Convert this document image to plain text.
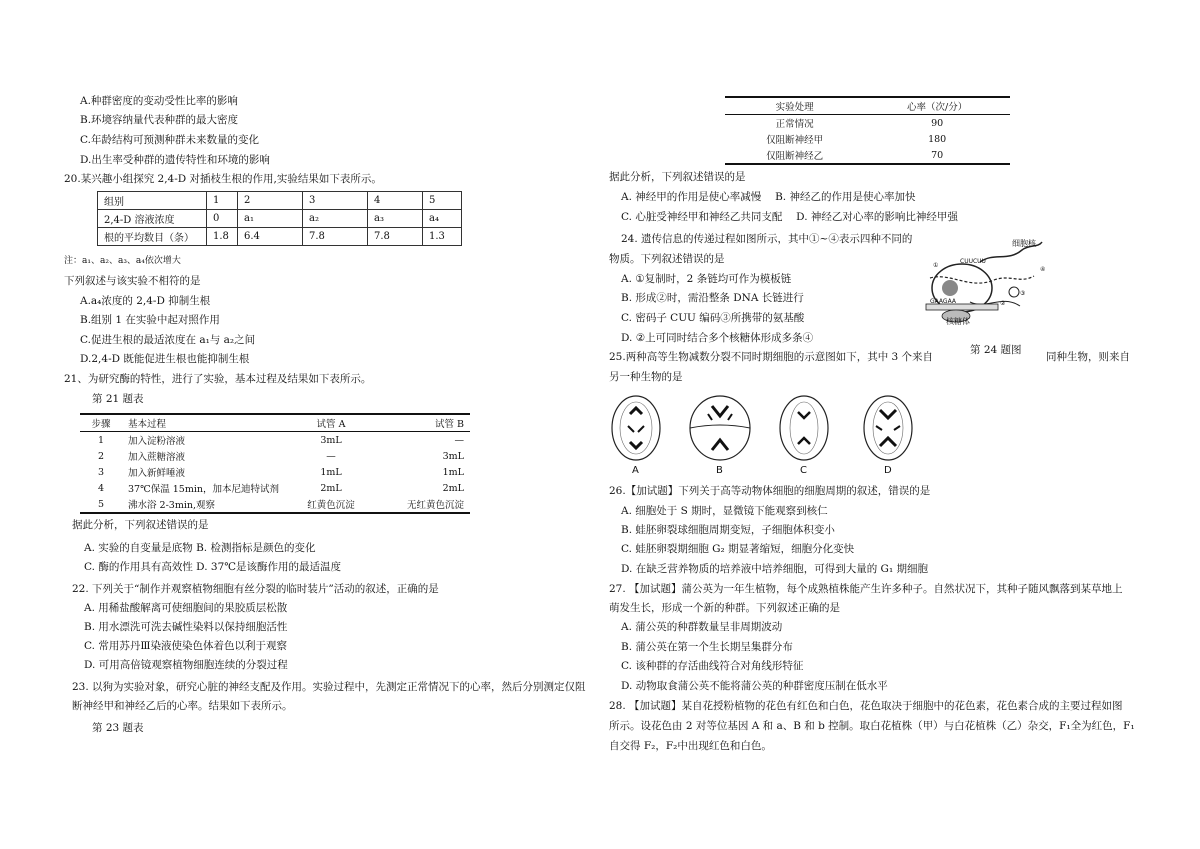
A.种群密度的变动受性比率的影响
B.环境容纳量代表种群的最大密度
C.年龄结构可预测种群未来数量的变化
D.出生率受种群的遗传特性和环境的影响
20.某兴趣小组探究 2,4-D 对插枝生根的作用,实验结果如下表所示。
组别	1	2	3	4	5
2,4-D 溶液浓度	0	a₁	a₂	a₃	a₄
根的平均数目（条）	1.8	6.4	7.8	7.8	1.3
注：a₁、a₂、a₃、a₄依次增大
下列叙述与该实验不相符的是
A.a₄浓度的 2,4-D 抑制生根
B.组别 1 在实验中起对照作用
C.促进生根的最适浓度在 a₁与 a₂之间
D.2,4-D 既能促进生根也能抑制生根
21、为研究酶的特性，进行了实验，基本过程及结果如下表所示。
第 21 题表
步骤	基本过程	试管 A	试管 B
1	加入淀粉溶液	3mL	—
2	加入蔗糖溶液	—	3mL
3	加入新鲜唾液	1mL	1mL
4	37℃保温 15min，加本尼迪特试剂	2mL	2mL
5	沸水浴 2-3min,观察	红黄色沉淀	无红黄色沉淀
据此分析，下列叙述错误的是
A. 实验的自变量是底物 B. 检测指标是颜色的变化
C. 酶的作用具有高效性 D. 37℃是该酶作用的最适温度
22. 下列关于“制作并观察植物细胞有丝分裂的临时装片”活动的叙述，正确的是
A. 用稀盐酸解离可使细胞间的果胶质层松散
B. 用水漂洗可洗去碱性染料以保持细胞活性
C. 常用苏丹Ⅲ染液使染色体着色以利于观察
D. 可用高倍镜观察植物细胞连续的分裂过程
23. 以狗为实验对象，研究心脏的神经支配及作用。实验过程中，先测定正常情况下的心率，然后分别测定仅阻
断神经甲和神经乙后的心率。结果如下表所示。
第 23 题表
实验处理	心率（次/分）
正常情况	90
仅阻断神经甲	180
仅阻断神经乙	70
据此分析，下列叙述错误的是
A. 神经甲的作用是使心率减慢　 B. 神经乙的作用是使心率加快
C. 心脏受神经甲和神经乙共同支配　 D. 神经乙对心率的影响比神经甲强
24. 遗传信息的传递过程如图所示，其中①~④表示四种不同的
物质。下列叙述错误的是
A. ①复制时，2 条链均可作为模板链
B. 形成②时，需沿整条 DNA 长链进行
C. 密码子 CUU 编码③所携带的氨基酸
D. ②上可同时结合多个核糖体形成多条④
细胞核
核糖体
①
②
③
④
GAAGAA
CUUCUU
第 24 题图
25.两种高等生物减数分裂不同时期细胞的示意图如下，其中 3 个来自	同种生物，则来自
另一种生物的是
A	B	C	D
26.【加试题】下列关于高等动物体细胞的细胞周期的叙述，错误的是
A. 细胞处于 S 期时，显微镜下能观察到核仁
B. 蛙胚卵裂球细胞周期变短，子细胞体积变小
C. 蛙胚卵裂期细胞 G₂ 期显著缩短，细胞分化变快
D. 在缺乏营养物质的培养液中培养细胞，可得到大量的 G₁ 期细胞
27. 【加试题】蒲公英为一年生植物，每个成熟植株能产生许多种子。自然状况下，其种子随风飘落到某草地上
萌发生长，形成一个新的种群。下列叙述正确的是
A. 蒲公英的种群数量呈非周期波动
B. 蒲公英在第一个生长期呈集群分布
C. 该种群的存活曲线符合对角线形特征
D. 动物取食蒲公英不能将蒲公英的种群密度压制在低水平
28. 【加试题】某自花授粉植物的花色有红色和白色，花色取决于细胞中的花色素，花色素合成的主要过程如图
所示。设花色由 2 对等位基因 A 和 a、B 和 b 控制。取白花植株（甲）与白花植株（乙）杂交，F₁全为红色，F₁
自交得 F₂，F₂中出现红色和白色。
